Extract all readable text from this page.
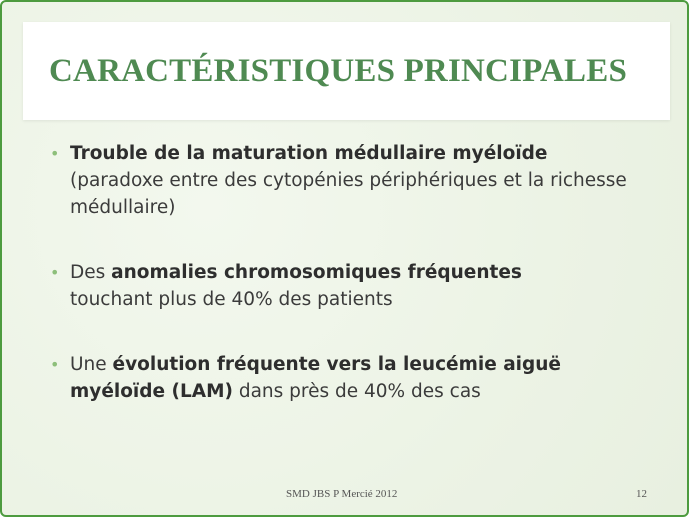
CARACTÉRISTIQUES PRINCIPALES
• Trouble de la maturation médullaire myéloïde
(paradoxe entre des cytopénies périphériques et la richesse médullaire)
• Des anomalies chromosomiques fréquentes
touchant plus de 40% des patients
• Une évolution fréquente vers la leucémie aiguë myéloïde (LAM) dans près de 40% des cas
SMD JBS P Mercié 2012	12
